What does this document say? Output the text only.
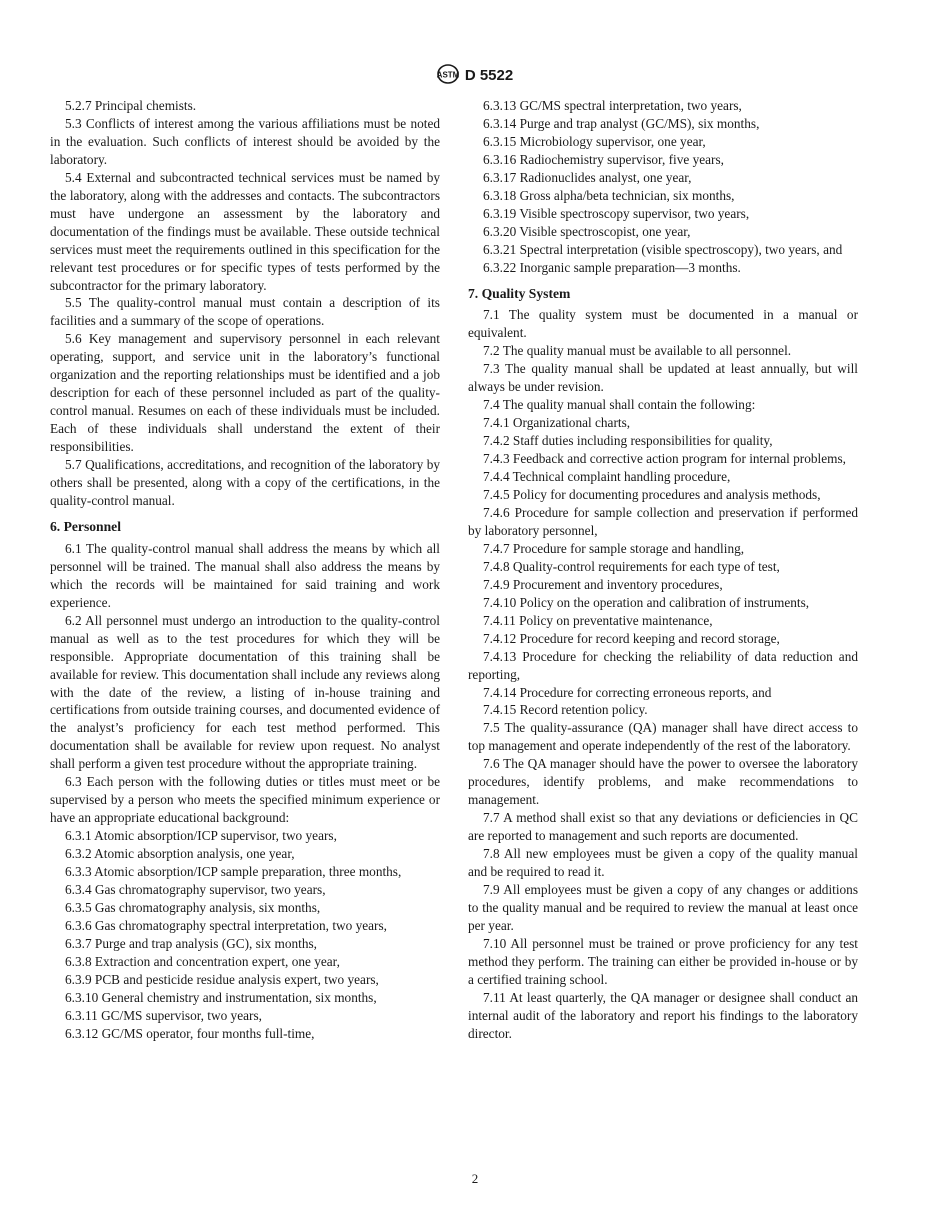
ASTM D 5522

5.2.7 Principal chemists.

5.3 Conflicts of interest among the various affiliations must be noted in the evaluation. Such conflicts of interest should be avoided by the laboratory.

5.4 External and subcontracted technical services must be named by the laboratory, along with the addresses and contacts. The subcontractors must have undergone an assessment by the laboratory and documentation of the findings must be available. These outside technical services must meet the requirements outlined in this specification for the relevant test procedures or for specific types of tests performed by the subcontractor for the primary laboratory.

5.5 The quality-control manual must contain a description of its facilities and a summary of the scope of operations.

5.6 Key management and supervisory personnel in each relevant operating, support, and service unit in the laboratory’s functional organization and the reporting relationships must be identified and a job description for each of these personnel included as part of the quality-control manual. Resumes on each of these individuals must be included. Each of these individuals shall understand the extent of their responsibilities.

5.7 Qualifications, accreditations, and recognition of the laboratory by others shall be presented, along with a copy of the certifications, in the quality-control manual.

6. Personnel

6.1 The quality-control manual shall address the means by which all personnel will be trained. The manual shall also address the means by which the records will be maintained for said training and work experience.

6.2 All personnel must undergo an introduction to the quality-control manual as well as to the test procedures for which they will be responsible. Appropriate documentation of this training shall be available for review. This documentation shall include any reviews along with the date of the review, a listing of in-house training and certifications from outside training courses, and documented evidence of the analyst’s proficiency for each test method performed. This documentation shall be available for review upon request. No analyst shall perform a given test procedure without the appropriate training.

6.3 Each person with the following duties or titles must meet or be supervised by a person who meets the specified minimum experience or have an appropriate educational background:

6.3.1 Atomic absorption/ICP supervisor, two years,

6.3.2 Atomic absorption analysis, one year,

6.3.3 Atomic absorption/ICP sample preparation, three months,

6.3.4 Gas chromatography supervisor, two years,

6.3.5 Gas chromatography analysis, six months,

6.3.6 Gas chromatography spectral interpretation, two years,

6.3.7 Purge and trap analysis (GC), six months,

6.3.8 Extraction and concentration expert, one year,

6.3.9 PCB and pesticide residue analysis expert, two years,

6.3.10 General chemistry and instrumentation, six months,

6.3.11 GC/MS supervisor, two years,

6.3.12 GC/MS operator, four months full-time,

6.3.13 GC/MS spectral interpretation, two years,

6.3.14 Purge and trap analyst (GC/MS), six months,

6.3.15 Microbiology supervisor, one year,

6.3.16 Radiochemistry supervisor, five years,

6.3.17 Radionuclides analyst, one year,

6.3.18 Gross alpha/beta technician, six months,

6.3.19 Visible spectroscopy supervisor, two years,

6.3.20 Visible spectroscopist, one year,

6.3.21 Spectral interpretation (visible spectroscopy), two years, and

6.3.22 Inorganic sample preparation—3 months.

7. Quality System

7.1 The quality system must be documented in a manual or equivalent.

7.2 The quality manual must be available to all personnel.

7.3 The quality manual shall be updated at least annually, but will always be under revision.

7.4 The quality manual shall contain the following:

7.4.1 Organizational charts,

7.4.2 Staff duties including responsibilities for quality,

7.4.3 Feedback and corrective action program for internal problems,

7.4.4 Technical complaint handling procedure,

7.4.5 Policy for documenting procedures and analysis methods,

7.4.6 Procedure for sample collection and preservation if performed by laboratory personnel,

7.4.7 Procedure for sample storage and handling,

7.4.8 Quality-control requirements for each type of test,

7.4.9 Procurement and inventory procedures,

7.4.10 Policy on the operation and calibration of instruments,

7.4.11 Policy on preventative maintenance,

7.4.12 Procedure for record keeping and record storage,

7.4.13 Procedure for checking the reliability of data reduction and reporting,

7.4.14 Procedure for correcting erroneous reports, and

7.4.15 Record retention policy.

7.5 The quality-assurance (QA) manager shall have direct access to top management and operate independently of the rest of the laboratory.

7.6 The QA manager should have the power to oversee the laboratory procedures, identify problems, and make recommendations to management.

7.7 A method shall exist so that any deviations or deficiencies in QC are reported to management and such reports are documented.

7.8 All new employees must be given a copy of the quality manual and be required to read it.

7.9 All employees must be given a copy of any changes or additions to the quality manual and be required to review the manual at least once per year.

7.10 All personnel must be trained or prove proficiency for any test method they perform. The training can either be provided in-house or by a certified training school.

7.11 At least quarterly, the QA manager or designee shall conduct an internal audit of the laboratory and report his findings to the laboratory director.

2
